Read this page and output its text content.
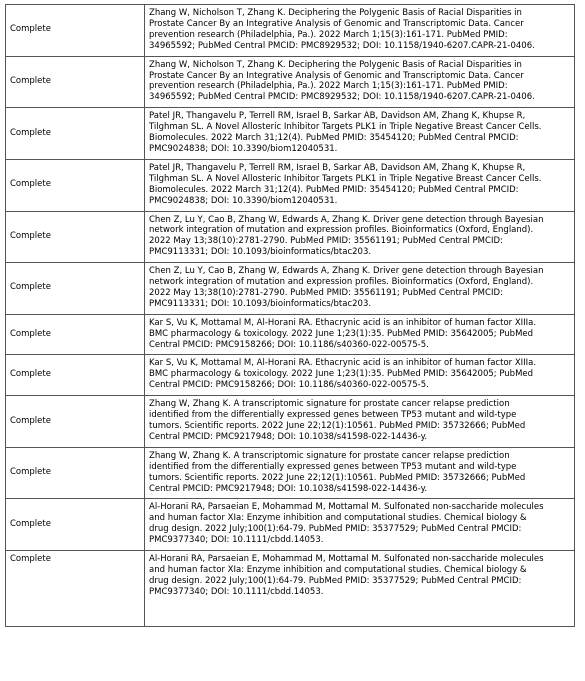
Complete	Zhang W, Nicholson T, Zhang K. Deciphering the Polygenic Basis of Racial Disparities in
Prostate Cancer By an Integrative Analysis of Genomic and Transcriptomic Data. Cancer
prevention research (Philadelphia, Pa.). 2022 March 1;15(3):161-171. PubMed PMID:
34965592; PubMed Central PMCID: PMC8929532; DOI: 10.1158/1940-6207.CAPR-21-0406.

Complete	Zhang W, Nicholson T, Zhang K. Deciphering the Polygenic Basis of Racial Disparities in
Prostate Cancer By an Integrative Analysis of Genomic and Transcriptomic Data. Cancer
prevention research (Philadelphia, Pa.). 2022 March 1;15(3):161-171. PubMed PMID:
34965592; PubMed Central PMCID: PMC8929532; DOI: 10.1158/1940-6207.CAPR-21-0406.

Complete	Patel JR, Thangavelu P, Terrell RM, Israel B, Sarkar AB, Davidson AM, Zhang K, Khupse R,
Tilghman SL. A Novel Allosteric Inhibitor Targets PLK1 in Triple Negative Breast Cancer Cells.
Biomolecules. 2022 March 31;12(4). PubMed PMID: 35454120; PubMed Central PMCID:
PMC9024838; DOI: 10.3390/biom12040531.

Complete	Patel JR, Thangavelu P, Terrell RM, Israel B, Sarkar AB, Davidson AM, Zhang K, Khupse R,
Tilghman SL. A Novel Allosteric Inhibitor Targets PLK1 in Triple Negative Breast Cancer Cells.
Biomolecules. 2022 March 31;12(4). PubMed PMID: 35454120; PubMed Central PMCID:
PMC9024838; DOI: 10.3390/biom12040531.

Complete	Chen Z, Lu Y, Cao B, Zhang W, Edwards A, Zhang K. Driver gene detection through Bayesian
network integration of mutation and expression profiles. Bioinformatics (Oxford, England).
2022 May 13;38(10):2781-2790. PubMed PMID: 35561191; PubMed Central PMCID:
PMC9113331; DOI: 10.1093/bioinformatics/btac203.

Complete	Chen Z, Lu Y, Cao B, Zhang W, Edwards A, Zhang K. Driver gene detection through Bayesian
network integration of mutation and expression profiles. Bioinformatics (Oxford, England).
2022 May 13;38(10):2781-2790. PubMed PMID: 35561191; PubMed Central PMCID:
PMC9113331; DOI: 10.1093/bioinformatics/btac203.

Complete	Kar S, Vu K, Mottamal M, Al-Horani RA. Ethacrynic acid is an inhibitor of human factor XIIIa.
BMC pharmacology & toxicology. 2022 June 1;23(1):35. PubMed PMID: 35642005; PubMed
Central PMCID: PMC9158266; DOI: 10.1186/s40360-022-00575-5.

Complete	Kar S, Vu K, Mottamal M, Al-Horani RA. Ethacrynic acid is an inhibitor of human factor XIIIa.
BMC pharmacology & toxicology. 2022 June 1;23(1):35. PubMed PMID: 35642005; PubMed
Central PMCID: PMC9158266; DOI: 10.1186/s40360-022-00575-5.

Complete	Zhang W, Zhang K. A transcriptomic signature for prostate cancer relapse prediction
identified from the differentially expressed genes between TP53 mutant and wild-type
tumors. Scientific reports. 2022 June 22;12(1):10561. PubMed PMID: 35732666; PubMed
Central PMCID: PMC9217948; DOI: 10.1038/s41598-022-14436-y.

Complete	Zhang W, Zhang K. A transcriptomic signature for prostate cancer relapse prediction
identified from the differentially expressed genes between TP53 mutant and wild-type
tumors. Scientific reports. 2022 June 22;12(1):10561. PubMed PMID: 35732666; PubMed
Central PMCID: PMC9217948; DOI: 10.1038/s41598-022-14436-y.

Complete	Al-Horani RA, Parsaeian E, Mohammad M, Mottamal M. Sulfonated non-saccharide molecules
and human factor XIa: Enzyme inhibition and computational studies. Chemical biology &
drug design. 2022 July;100(1):64-79. PubMed PMID: 35377529; PubMed Central PMCID:
PMC9377340; DOI: 10.1111/cbdd.14053.

Complete	Al-Horani RA, Parsaeian E, Mohammad M, Mottamal M. Sulfonated non-saccharide molecules
and human factor XIa: Enzyme inhibition and computational studies. Chemical biology &
drug design. 2022 July;100(1):64-79. PubMed PMID: 35377529; PubMed Central PMCID:
PMC9377340; DOI: 10.1111/cbdd.14053.
